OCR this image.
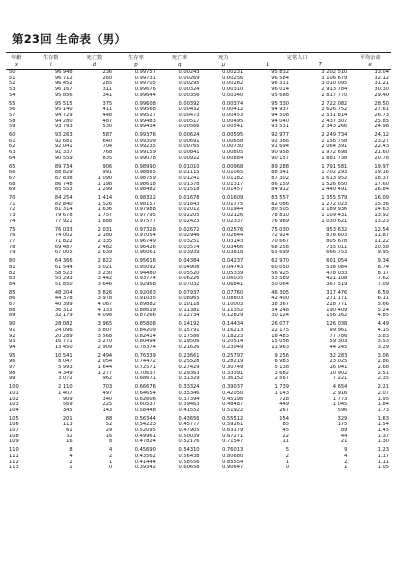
第23回 生命表（男）
年齢	生存数	死亡数	生存率	死亡率	死力	定常人口		平均余命
x	l	d	p	q	μ	L	T	e
50	96 948	236	0.99757	0.00243	0.00231	95 832	3 202 510	33.04
51	96 712	260	0.99731	0.00269	0.00256	96 584	3 106 679	32.12
52	96 452	285	0.99705	0.00295	0.00282	96 311	3 010 095	31.21
53	96 167	311	0.99676	0.00324	0.00310	96 014	2 913 784	30.30
54	95 856	341	0.99644	0.00356	0.00340	95 688	2 817 770	29.40
55	95 515	375	0.99608	0.00392	0.00374	95 330	2 722 082	28.50
56	95 140	411	0.99568	0.00432	0.00412	94 937	2 626 752	27.61
57	94 729	448	0.99527	0.00473	0.00453	94 508	2 531 814	26.73
58	94 280	487	0.99483	0.00517	0.00495	94 040	2 437 307	25.85
59	93 793	530	0.99434	0.00566	0.00541	93 531	2 343 266	24.98
60	93 263	587	0.99376	0.00624	0.00595	92 977	2 249 734	24.12
61	92 681	640	0.99309	0.00691	0.00658	92 366	2 156 758	23.27
62	92 041	704	0.99235	0.00765	0.00730	91 694	2 064 391	22.43
63	91 337	768	0.99159	0.00841	0.00805	90 958	1 972 698	21.60
64	90 559	835	0.99078	0.00922	0.00884	90 157	1 881 738	20.78
65	89 734	906	0.98990	0.01010	0.00968	89 288	1 791 581	19.97
66	88 829	991	0.98885	0.01115	0.01065	88 341	1 702 293	19.16
67	87 838	1 090	0.98759	0.01241	0.01182	87 302	1 613 952	18.37
68	86 748	1 198	0.98618	0.01378	0.01317	86 159	1 526 650	17.60
69	85 553	1 299	0.98482	0.01518	0.01457	84 912	1 440 491	16.84
70	84 254	1 414	0.98322	0.01678	0.01609	83 557	1 355 579	16.09
71	82 840	1 526	0.98157	0.01843	0.01775	82 086	1 272 023	15.36
72	81 314	1 636	0.97988	0.02012	0.01944	80 505	1 189 936	14.63
73	79 678	1 757	0.97795	0.02205	0.02126	78 810	1 109 431	13.92
74	77 921	1 888	0.97577	0.02423	0.02337	76 989	1 030 621	13.23
75	76 033	2 031	0.97328	0.02672	0.02576	75 030	953 632	12.54
76	74 002	2 180	0.97054	0.02946	0.02844	72 924	878 603	11.87
77	71 822	2 335	0.96749	0.03251	0.03143	70 667	805 678	11.22
78	69 487	2 482	0.96426	0.03574	0.03466	68 258	735 011	10.58
79	67 005	2 639	0.96061	0.03939	0.03818	65 699	666 753	9.95
80	64 366	2 822	0.95616	0.04384	0.04237	62 970	601 054	9.34
81	61 544	3 021	0.95092	0.04908	0.04743	60 050	538 084	8.74
82	58 523	3 230	0.94480	0.05520	0.05339	56 925	478 033	8.17
83	55 293	3 442	0.93774	0.06226	0.06035	53 589	421 108	7.62
84	51 850	3 646	0.92968	0.07032	0.06841	50 064	367 519	7.09
85	48 204	3 826	0.92063	0.07937	0.07760	46 305	317 476	6.59
86	44 378	3 978	0.91035	0.08965	0.08803	42 400	271 171	6.11
87	40 399	4 087	0.89882	0.10118	0.10003	38 367	228 771	5.66
88	36 312	4 133	0.88619	0.11381	0.11352	34 248	190 409	5.24
89	32 179	4 098	0.87266	0.12734	0.12829	30 124	156 162	4.85
90	28 082	3 965	0.85808	0.14192	0.14434	26 077	126 038	4.49
91	24 096	3 807	0.84209	0.15791	0.16213	22 175	99 961	4.15
92	20 289	3 568	0.82414	0.17586	0.18223	18 483	77 786	3.83
93	16 771	3 270	0.80494	0.19506	0.20514	15 058	59 303	3.53
94	13 450	2 909	0.78374	0.21626	0.23049	11 963	44 245	3.29
95	10 541	2 494	0.76339	0.23661	0.25797	9 256	32 283	3.06
96	8 047	2 054	0.74472	0.25528	0.28219	6 983	23 025	2.86
97	5 993	1 644	0.72571	0.27429	0.30749	5 138	16 041	2.68
98	4 349	1 277	0.70637	0.29363	0.33391	3 682	10 902	2.51
99	3 072	962	0.68671	0.31329	0.36152	2 567	7 221	2.35
100	2 110	703	0.66676	0.33324	0.39037	1 739	4 654	2.21
101	1 407	497	0.64654	0.35346	0.42050	1 143	2 916	2.07
102	909	340	0.62606	0.37394	0.45198	728	1 773	1.95
103	569	225	0.60537	0.39463	0.48487	449	1 045	1.84
104	345	143	0.58448	0.41552	0.51922	267	596	1.73
105	201	88	0.56344	0.43656	0.55512	154	329	1.63
106	113	52	0.54223	0.45777	0.59261	85	175	1.54
107	61	29	0.52095	0.47905	0.63179	45	89	1.45
108	32	16	0.49961	0.50039	0.67271	22	44	1.37
109	16	8	0.47824	0.52176	0.71547	11	21	1.30
110	8	4	0.45690	0.54310	0.76013	5	9	1.23
111	4	2	0.43562	0.56438	0.80680	2	4	1.17
112	2	1	0.41444	0.58556	0.85554	1	2	1.11
113	1	0	0.39342	0.60658	0.90647	0	1	1.05
